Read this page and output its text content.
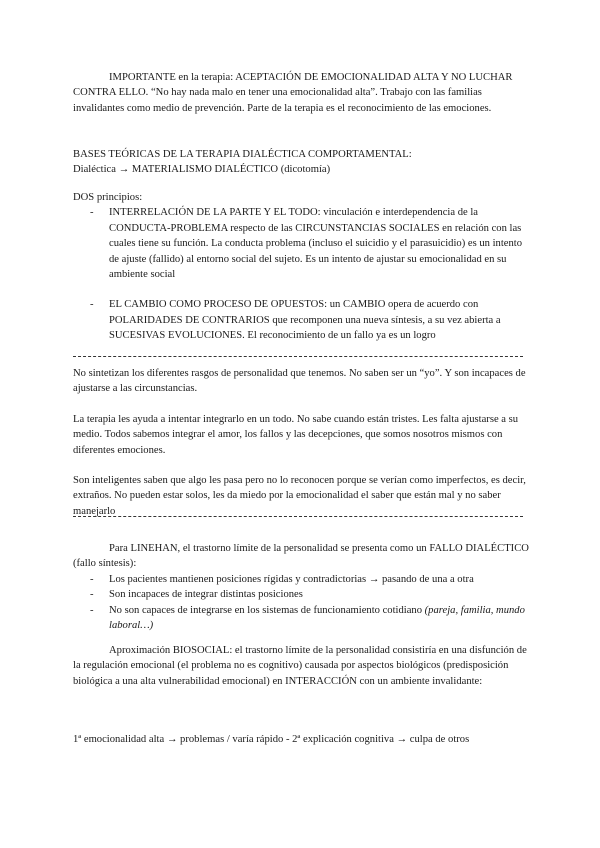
IMPORTANTE en la terapia: ACEPTACIÓN DE EMOCIONALIDAD ALTA Y NO LUCHAR CONTRA ELLO. “No hay nada malo en tener una emocionalidad alta”. Trabajo con las familias invalidantes como medio de prevención. Parte de la terapia es el reconocimiento de las emociones.

BASES TEÓRICAS DE LA TERAPIA DIALÉCTICA COMPORTAMENTAL:

Dialéctica → MATERIALISMO DIALÉCTICO (dicotomía)

DOS principios:

- INTERRELACIÓN DE LA PARTE Y EL TODO: vinculación e interdependencia de la CONDUCTA-PROBLEMA respecto de las CIRCUNSTANCIAS SOCIALES en relación con las cuales tiene su función. La conducta problema (incluso el suicidio y el parasuicidio) es un intento de ajuste (fallido) al entorno social del sujeto. Es un intento de ajustar su emocionalidad en su ambiente social
- EL CAMBIO COMO PROCESO DE OPUESTOS: un CAMBIO opera de acuerdo con POLARIDADES DE CONTRARIOS que recomponen una nueva síntesis, a su vez abierta a SUCESIVAS EVOLUCIONES. El reconocimiento de un fallo ya es un logro

No sintetizan los diferentes rasgos de personalidad que tenemos. No saben ser un “yo”. Y son incapaces de ajustarse a las circunstancias.

La terapia les ayuda a intentar integrarlo en un todo. No sabe cuando están tristes. Les falta ajustarse a su medio. Todos sabemos integrar el amor, los fallos y las decepciones, que somos nosotros mismos con diferentes emociones.

Son inteligentes saben que algo les pasa pero no lo reconocen porque se verían como imperfectos, es decir, extraños. No pueden estar solos, les da miedo por la emocionalidad el saber que están mal y no saber manejarlo

Para LINEHAN, el trastorno límite de la personalidad se presenta como un FALLO DIALÉCTICO (fallo síntesis):

- Los pacientes mantienen posiciones rígidas y contradictorias → pasando de una a otra
- Son incapaces de integrar distintas posiciones
- No son capaces de integrarse en los sistemas de funcionamiento cotidiano (pareja, familia, mundo laboral…)

Aproximación BIOSOCIAL: el trastorno límite de la personalidad consistiría en una disfunción de la regulación emocional (el problema no es cognitivo) causada por aspectos biológicos (predisposición biológica a una alta vulnerabilidad emocional) en INTERACCIÓN con un ambiente invalidante:

1ª emocionalidad alta → problemas / varía rápido - 2ª explicación cognitiva → culpa de otros
